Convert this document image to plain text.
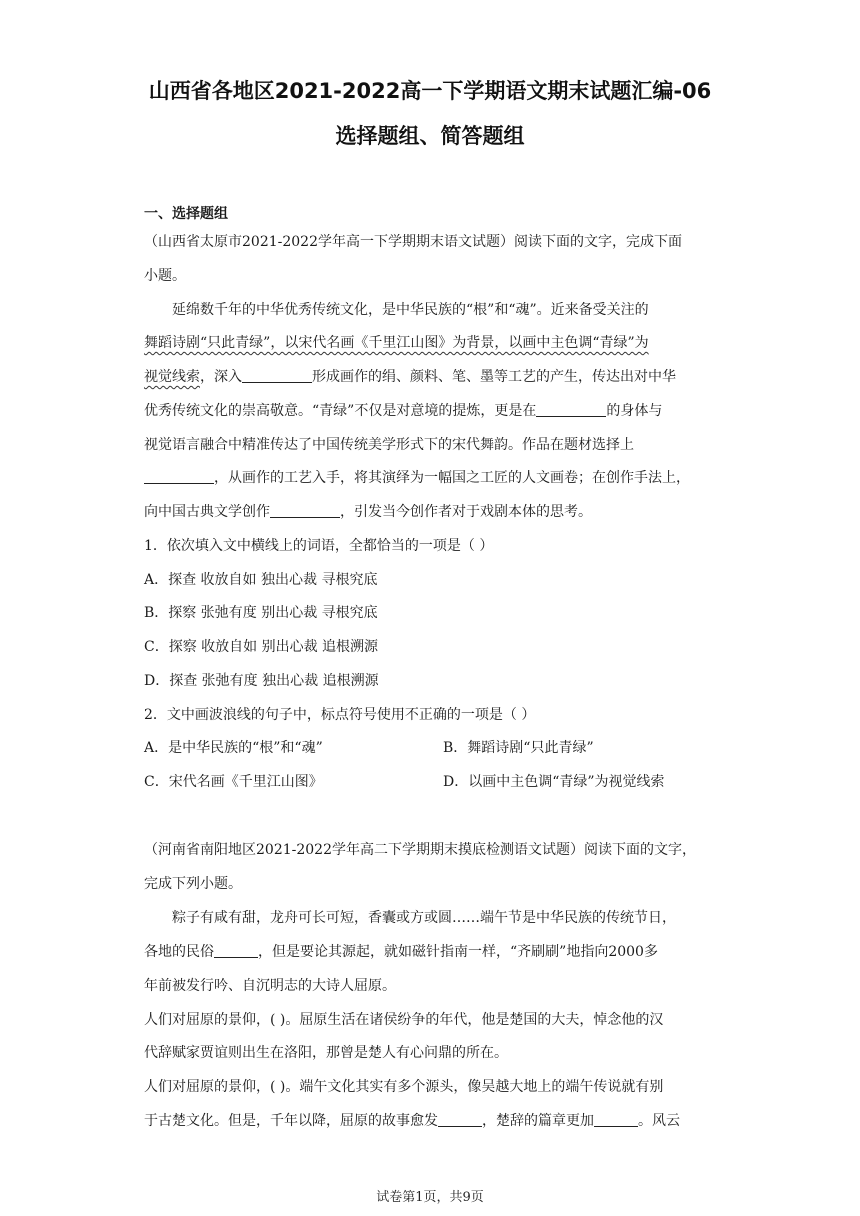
山西省各地区2021-2022高一下学期语文期末试题汇编-06
选择题组、简答题组
一、选择题组
（山西省太原市2021-2022学年高一下学期期末语文试题）阅读下面的文字，完成下面
小题。
延绵数千年的中华优秀传统文化，是中华民族的“根”和“魂”。近来备受关注的
舞蹈诗剧“只此青绿”，以宋代名画《千里江山图》为背景，以画中主色调“青绿”为
视觉线索，深入	形成画作的绢、颜料、笔、墨等工艺的产生，传达出对中华
优秀传统文化的崇高敬意。“青绿”不仅是对意境的提炼，更是在	的身体与
视觉语言融合中精准传达了中国传统美学形式下的宋代舞韵。作品在题材选择上
，从画作的工艺入手，将其演绎为一幅国之工匠的人文画卷；在创作手法上，
向中国古典文学创作	，引发当今创作者对于戏剧本体的思考。
1．依次填入文中横线上的词语，全都恰当的一项是（ ）
A．探查 收放自如 独出心裁 寻根究底
B．探察 张弛有度 别出心裁 寻根究底
C．探察 收放自如 别出心裁 追根溯源
D．探查 张弛有度 独出心裁 追根溯源
2．文中画波浪线的句子中，标点符号使用不正确的一项是（ ）
A．是中华民族的“根”和“魂”	B．舞蹈诗剧“只此青绿”
C．宋代名画《千里江山图》	D．以画中主色调“青绿”为视觉线索
（河南省南阳地区2021-2022学年高二下学期期末摸底检测语文试题）阅读下面的文字，
完成下列小题。
粽子有咸有甜，龙舟可长可短，香囊或方或圆……端午节是中华民族的传统节日，
各地的民俗	，但是要论其源起，就如磁针指南一样，“齐刷刷”地指向2000多
年前被发行吟、自沉明志的大诗人屈原。
人们对屈原的景仰，( )。屈原生活在诸侯纷争的年代，他是楚国的大夫，悼念他的汉
代辞赋家贾谊则出生在洛阳，那曾是楚人有心问鼎的所在。
人们对屈原的景仰，( )。端午文化其实有多个源头，像吴越大地上的端午传说就有别
于古楚文化。但是，千年以降，屈原的故事愈发	，楚辞的篇章更加	。风云
试卷第1页，共9页
